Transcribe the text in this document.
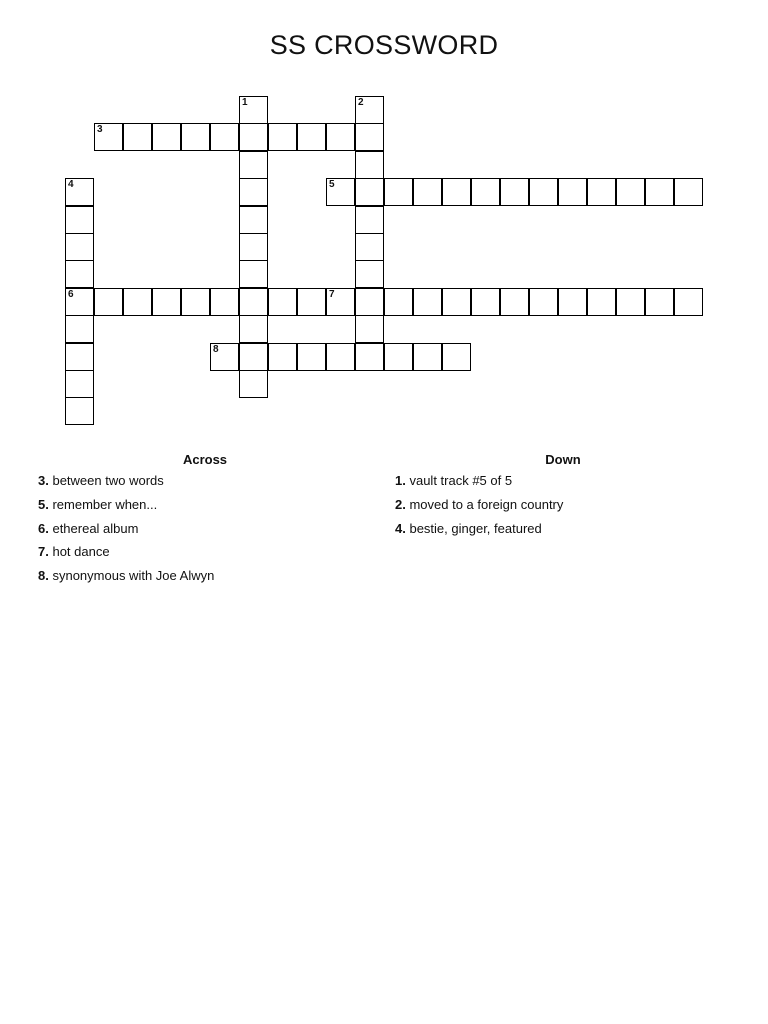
SS CROSSWORD
3
5
6	7
8
1	2
4
Across	Down
3. between two words
5. remember when...
6. ethereal album
7. hot dance
8. synonymous with Joe Alwyn
1. vault track #5 of 5
2. moved to a foreign country
4. bestie, ginger, featured
